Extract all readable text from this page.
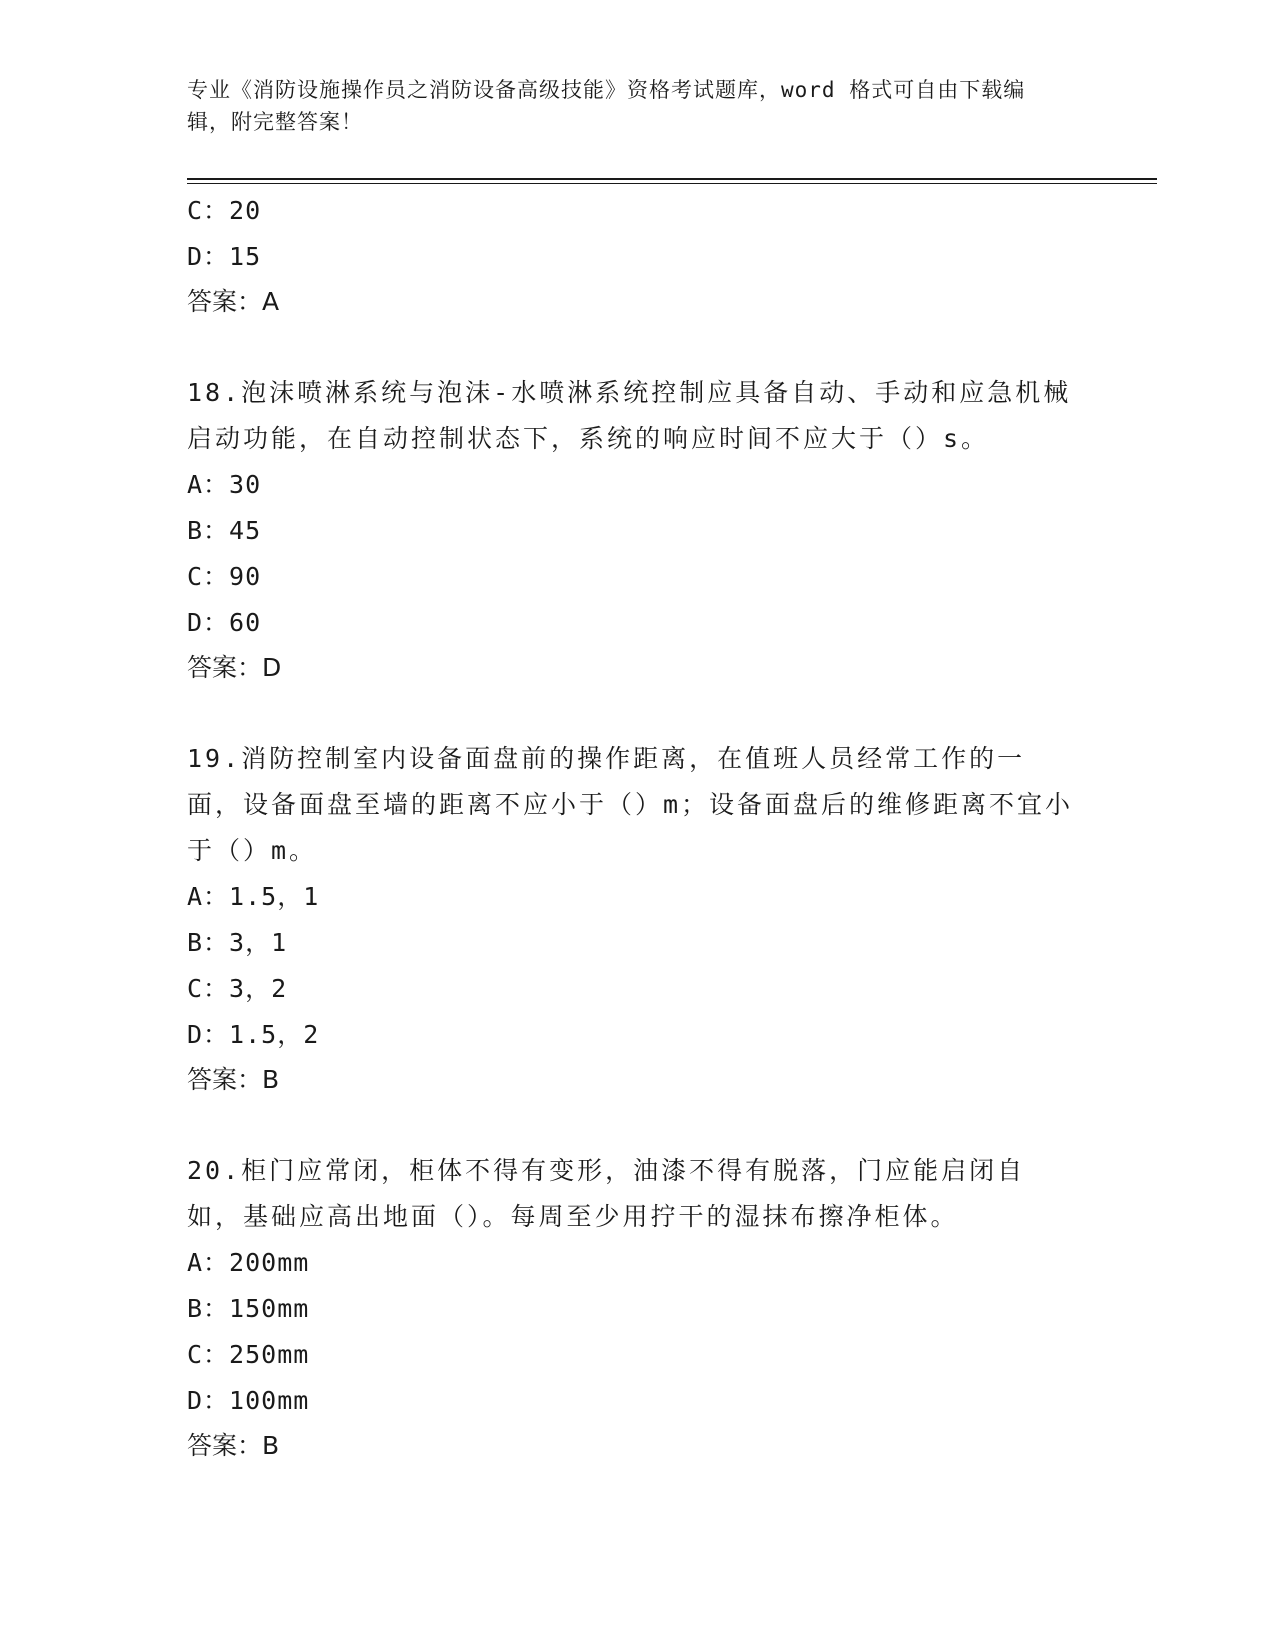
专业《消防设施操作员之消防设备高级技能》资格考试题库，word 格式可自由下载编辑，附完整答案！
C：20
D：15
答案：A
18.泡沫喷淋系统与泡沫-水喷淋系统控制应具备自动、手动和应急机械启动功能，在自动控制状态下，系统的响应时间不应大于（）s。
A：30
B：45
C：90
D：60
答案：D
19.消防控制室内设备面盘前的操作距离，在值班人员经常工作的一面，设备面盘至墙的距离不应小于（）m；设备面盘后的维修距离不宜小于（）m。
A：1.5，1
B：3，1
C：3，2
D：1.5，2
答案：B
20.柜门应常闭，柜体不得有变形，油漆不得有脱落，门应能启闭自如，基础应高出地面（）。每周至少用拧干的湿抹布擦净柜体。
A：200mm
B：150mm
C：250mm
D：100mm
答案：B
